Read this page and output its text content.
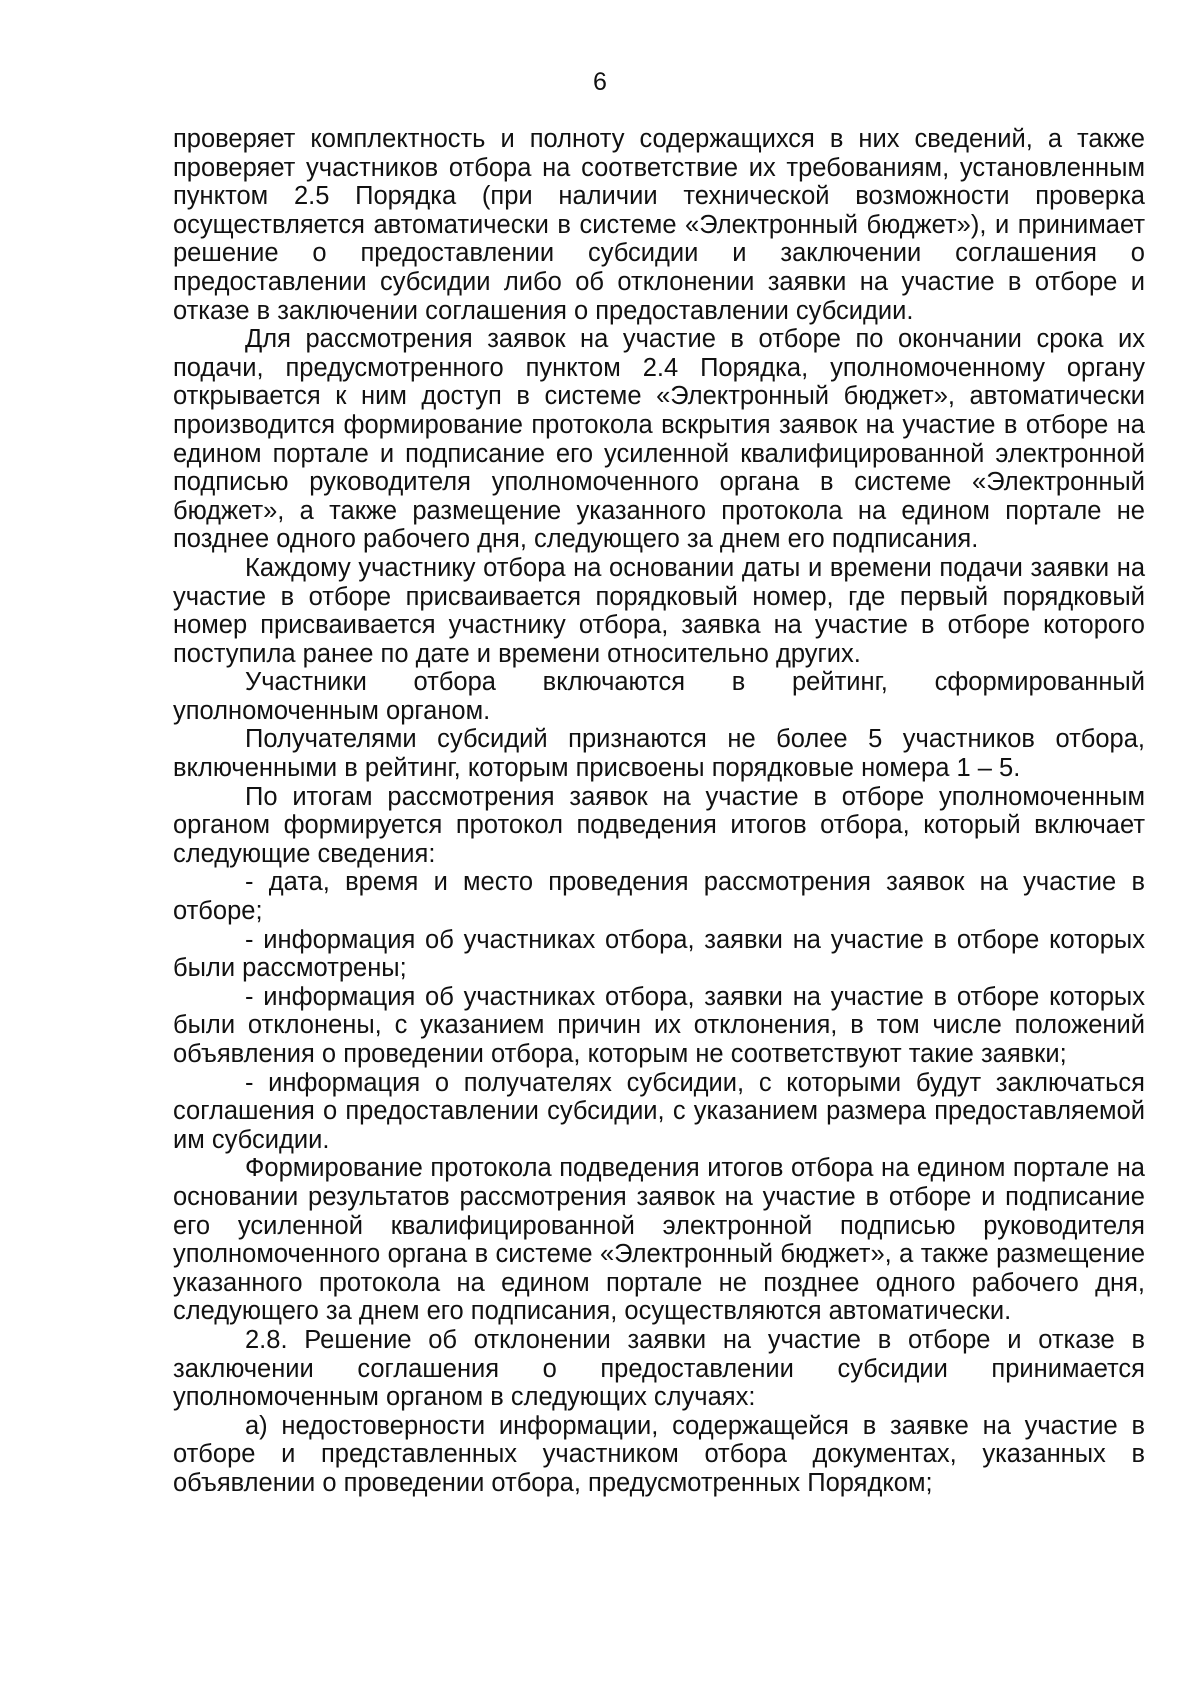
6

проверяет комплектность и полноту содержащихся в них сведений, а также проверяет участников отбора на соответствие их требованиям, установленным пунктом 2.5 Порядка (при наличии технической возможности проверка осуществляется автоматически в системе «Электронный бюджет»), и принимает решение о предоставлении субсидии и заключении соглашения о предоставлении субсидии либо об отклонении заявки на участие в отборе и отказе в заключении соглашения о предоставлении субсидии.

Для рассмотрения заявок на участие в отборе по окончании срока их подачи, предусмотренного пунктом 2.4 Порядка, уполномоченному органу открывается к ним доступ в системе «Электронный бюджет», автоматически производится формирование протокола вскрытия заявок на участие в отборе на едином портале и подписание его усиленной квалифицированной электронной подписью руководителя уполномоченного органа в системе «Электронный бюджет», а также размещение указанного протокола на едином портале не позднее одного рабочего дня, следующего за днем его подписания.

Каждому участнику отбора на основании даты и времени подачи заявки на участие в отборе присваивается порядковый номер, где первый порядковый номер присваивается участнику отбора, заявка на участие в отборе которого поступила ранее по дате и времени относительно других.

Участники отбора включаются в рейтинг, сформированный уполномоченным органом.

Получателями субсидий признаются не более 5 участников отбора, включенными в рейтинг, которым присвоены порядковые номера 1 – 5.

По итогам рассмотрения заявок на участие в отборе уполномоченным органом формируется протокол подведения итогов отбора, который включает следующие сведения:

- дата, время и место проведения рассмотрения заявок на участие в отборе;

- информация об участниках отбора, заявки на участие в отборе которых были рассмотрены;

- информация об участниках отбора, заявки на участие в отборе которых были отклонены, с указанием причин их отклонения, в том числе положений объявления о проведении отбора, которым не соответствуют такие заявки;

- информация о получателях субсидии, с которыми будут заключаться соглашения о предоставлении субсидии, с указанием размера предоставляемой им субсидии.

Формирование протокола подведения итогов отбора на едином портале на основании результатов рассмотрения заявок на участие в отборе и подписание его усиленной квалифицированной электронной подписью руководителя уполномоченного органа в системе «Электронный бюджет», а также размещение указанного протокола на едином портале не позднее одного рабочего дня, следующего за днем его подписания, осуществляются автоматически.

2.8. Решение об отклонении заявки на участие в отборе и отказе в заключении соглашения о предоставлении субсидии принимается уполномоченным органом в следующих случаях:

а) недостоверности информации, содержащейся в заявке на участие в отборе и представленных участником отбора документах, указанных в объявлении о проведении отбора, предусмотренных Порядком;
